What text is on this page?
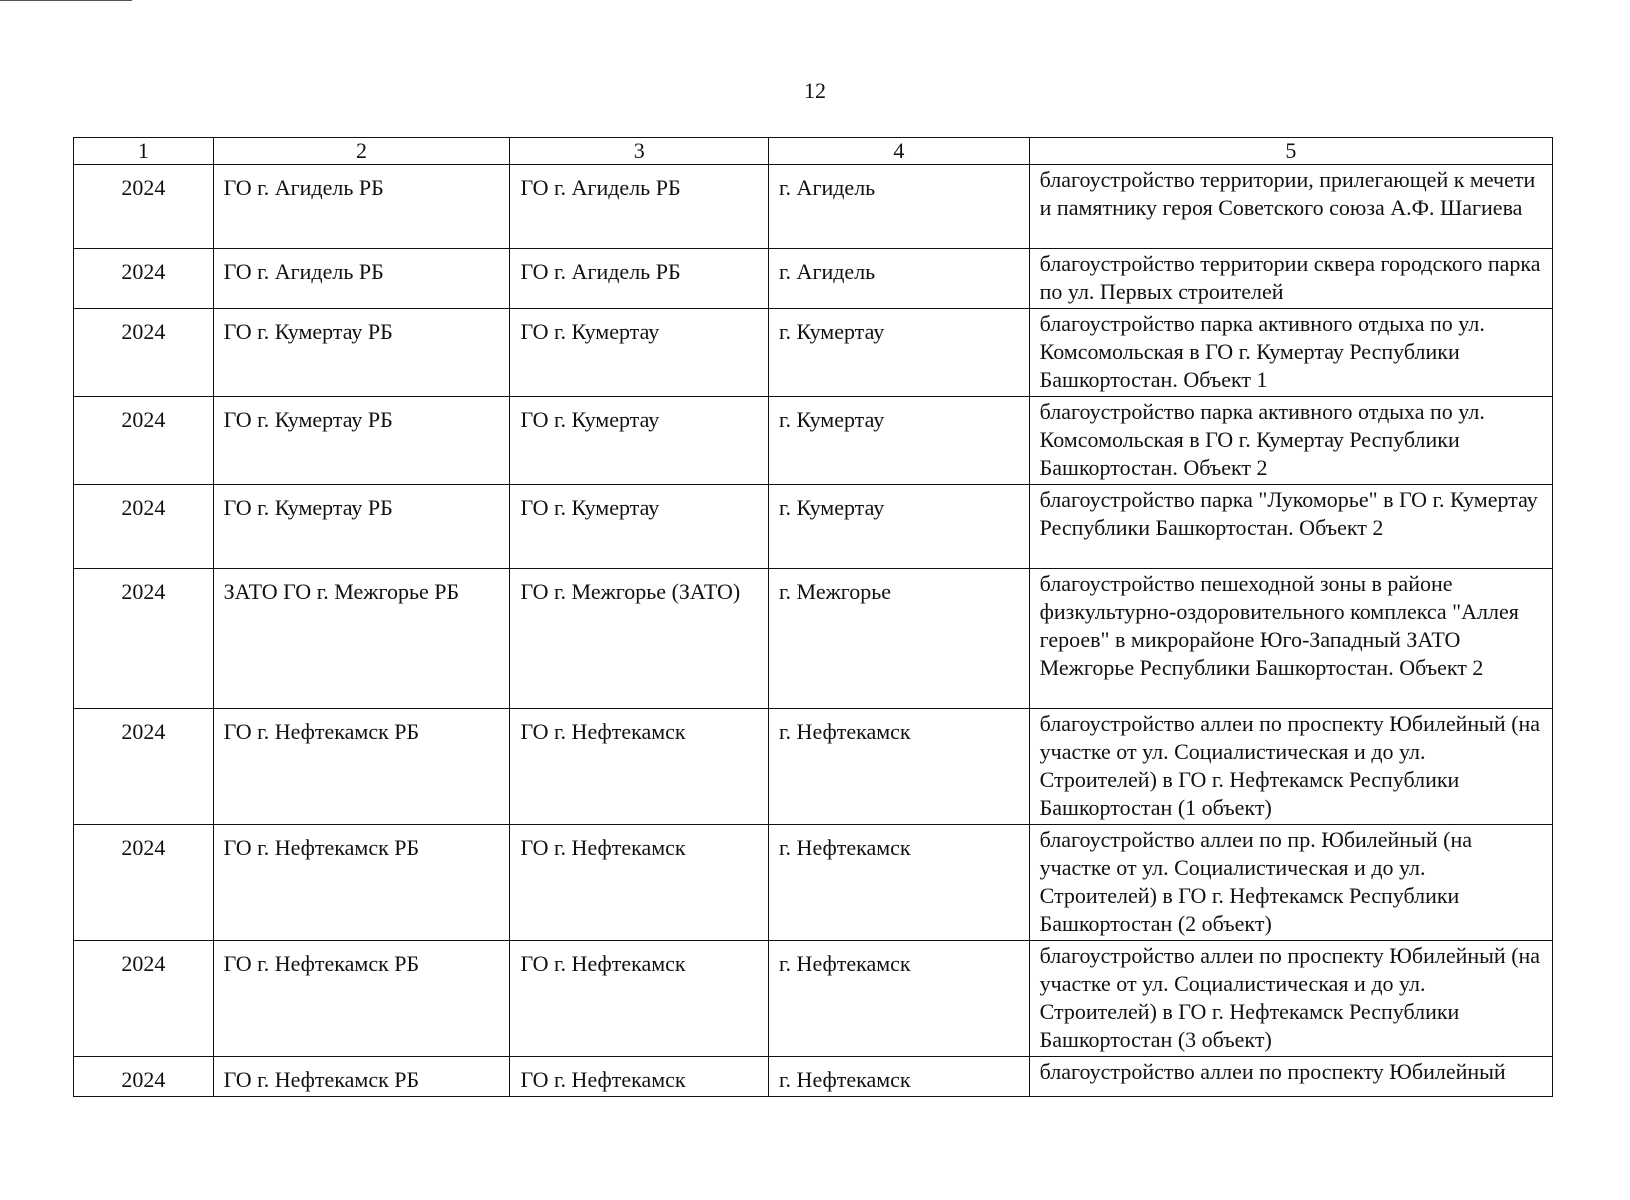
12
1	2	3	4	5
2024	ГО г. Агидель РБ	ГО г. Агидель РБ	г. Агидель	благоустройство территории, прилегающей к мечети и памятнику героя Советского союза А.Ф. Шагиева
2024	ГО г. Агидель РБ	ГО г. Агидель РБ	г. Агидель	благоустройство территории сквера городского парка по ул. Первых строителей
2024	ГО г. Кумертау РБ	ГО г. Кумертау	г. Кумертау	благоустройство парка активного отдыха по ул. Комсомольская в ГО г. Кумертау Республики Башкортостан. Объект 1
2024	ГО г. Кумертау РБ	ГО г. Кумертау	г. Кумертау	благоустройство парка активного отдыха по ул. Комсомольская в ГО г. Кумертау Республики Башкортостан. Объект 2
2024	ГО г. Кумертау РБ	ГО г. Кумертау	г. Кумертау	благоустройство парка "Лукоморье" в ГО г. Кумертау Республики Башкортостан. Объект 2
2024	ЗАТО ГО г. Межгорье РБ	ГО г. Межгорье (ЗАТО)	г. Межгорье	благоустройство пешеходной зоны в районе физкультурно-оздоровительного комплекса "Аллея героев" в микрорайоне Юго-Западный ЗАТО Межгорье Республики Башкортостан. Объект 2
2024	ГО г. Нефтекамск РБ	ГО г. Нефтекамск	г. Нефтекамск	благоустройство аллеи по проспекту Юбилейный (на участке от ул. Социалистическая и до ул. Строителей) в ГО г. Нефтекамск Республики Башкортостан (1 объект)
2024	ГО г. Нефтекамск РБ	ГО г. Нефтекамск	г. Нефтекамск	благоустройство аллеи по пр. Юбилейный (на участке от ул. Социалистическая и до ул. Строителей) в ГО г. Нефтекамск Республики Башкортостан (2 объект)
2024	ГО г. Нефтекамск РБ	ГО г. Нефтекамск	г. Нефтекамск	благоустройство аллеи по проспекту Юбилейный (на участке от ул. Социалистическая и до ул. Строителей) в ГО г. Нефтекамск Республики Башкортостан (3 объект)
2024	ГО г. Нефтекамск РБ	ГО г. Нефтекамск	г. Нефтекамск	благоустройство аллеи по проспекту Юбилейный
